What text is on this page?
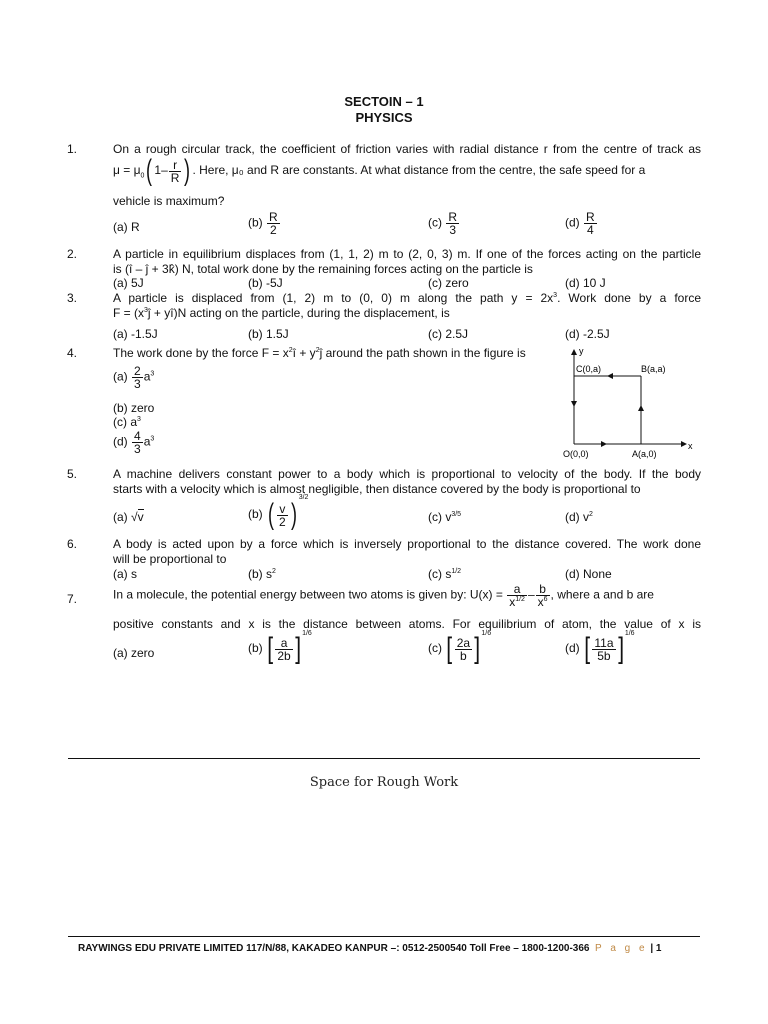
SECTOIN – 1
PHYSICS
1.	On a rough circular track, the coefficient of friction varies with radial distance r from the centre of track as
$\mu = \mu_0$( $1- \frac{r}{R}$ ) . Here, μ₀ and R are constants. At what distance from the centre, the safe speed for a
vehicle is maximum?
(a) R	$(b) \frac{R}{2}$	$(c) \frac{R}{3}$	$(d) \frac{R}{4}$
2.	A particle in equilibrium displaces from (1, 1, 2) m to (2, 0, 3) m. If one of the forces acting on the particle
is (î – ĵ + 3k̂) N, total work done by the remaining forces acting on the particle is
(a) 5J	(b) -5J	(c) zero	(d) 10 J
3.	A particle is displaced from (1, 2) m to (0, 0) m along the path $y = 2x^3$. Work done by a force
$F = (x^3ĵ$ + yî)N acting on the particle, during the displacement, is
(a) -1.5J	(b) 1.5J	(c) 2.5J	(d) -2.5J
4.	The work done by the force $F = x^2î$ + $y^2ĵ$ around the path shown in the figure is
$(a) \frac{2}{3} a^3$
(b) zero
(c) $a^3$
$(d) \frac{4}{3} a^3$
y
x
C(0,a)	B(a,a)
O(0,0)	A(a,0)
5.	A machine delivers constant power to a body which is proportional to velocity of the body. If the body
starts with a velocity which is almost negligible, then distance covered by the body is proportional to
(a) √v	(b) ( $\frac{v}{2} )^{3/2}$
(c) $v^{3/5}$	(d) $v^2$
6.	A body is acted upon by a force which is inversely proportional to the distance covered. The work done
will be proportional to
(a) s	(b) $s^2$	(c) $s^{1/2}$	(d) None
7.	In a molecule, the potential energy between two atoms is given by: $U(x) = \frac{a}{x^{1/2}} - \frac{b}{x^6}$ , where a and b are
positive constants and x is the distance between atoms. For equilibrium of atom, the value of x is
(a) zero	(b) [ $\frac{a}{2b} ]^{1/6}$
(c) [ $\frac{2a}{b} ]^{1/6}$
(d) [ $\frac{11a}{5b} ]^{1/6}$
Space for Rough Work
RAYWINGS EDU PRIVATE LIMITED 117/N/88, KAKADEO KANPUR –: 0512-2500540 Toll Free – 1800-1200-366 P a g e | 1
